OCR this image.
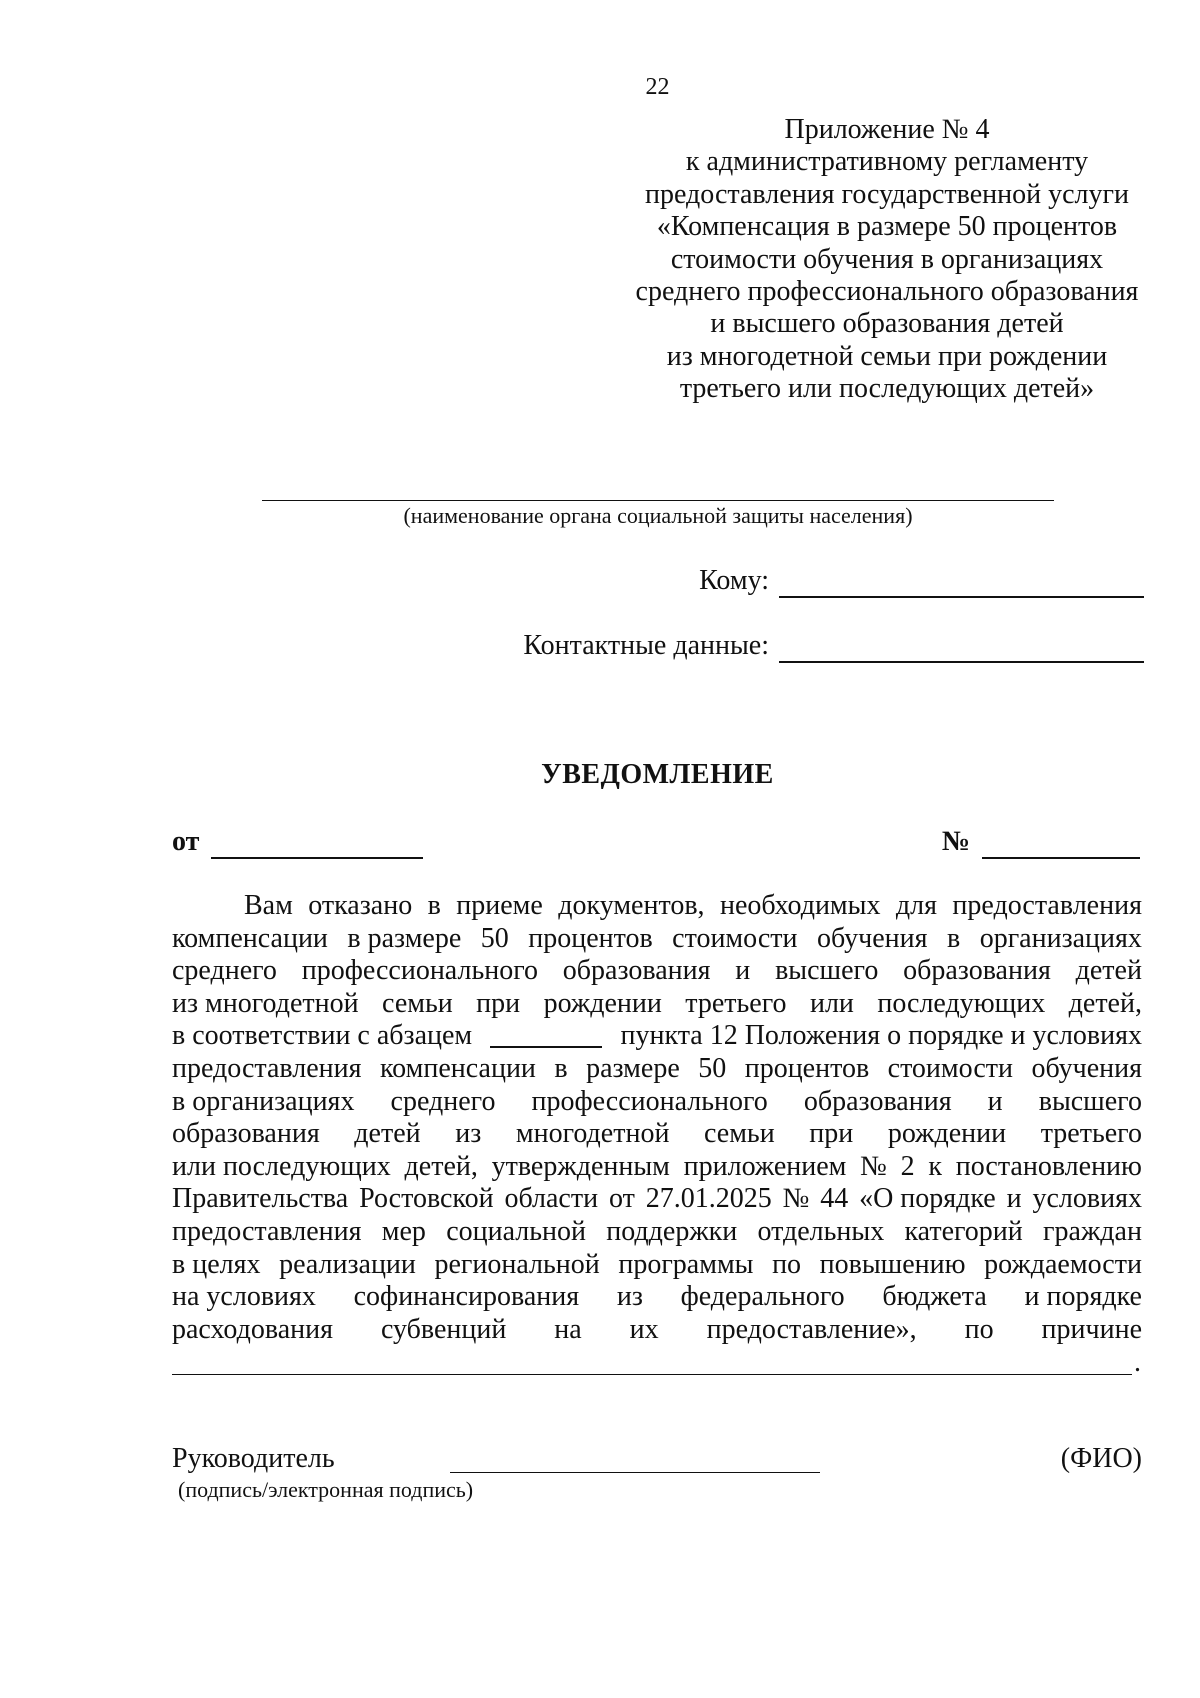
22
Приложение № 4
к административному регламенту
предоставления государственной услуги
«Компенсация в размере 50 процентов
стоимости обучения в организациях
среднего профессионального образования
и высшего образования детей
из многодетной семьи при рождении
третьего или последующих детей»
(наименование органа социальной защиты населения)
Кому:
Контактные данные:
УВЕДОМЛЕНИЕ
от	№
Вам отказано в приеме документов, необходимых для предоставления
компенсации в размере 50 процентов стоимости обучения в организациях
среднего профессионального образования и высшего образования детей
из многодетной семьи при рождении третьего или последующих детей,
в соответствии с абзацем	пункта 12 Положения о порядке и условиях
предоставления компенсации в размере 50 процентов стоимости обучения
в организациях среднего профессионального образования и высшего
образования детей из многодетной семьи при рождении третьего
или последующих детей, утвержденным приложением № 2 к постановлению
Правительства Ростовской области от 27.01.2025 № 44 «О порядке и условиях
предоставления мер социальной поддержки отдельных категорий граждан
в целях реализации региональной программы по повышению рождаемости
на условиях софинансирования из федерального бюджета и порядке
расходования субвенций на их предоставление», по причине
.
Руководитель	(ФИО)
(подпись/электронная подпись)
